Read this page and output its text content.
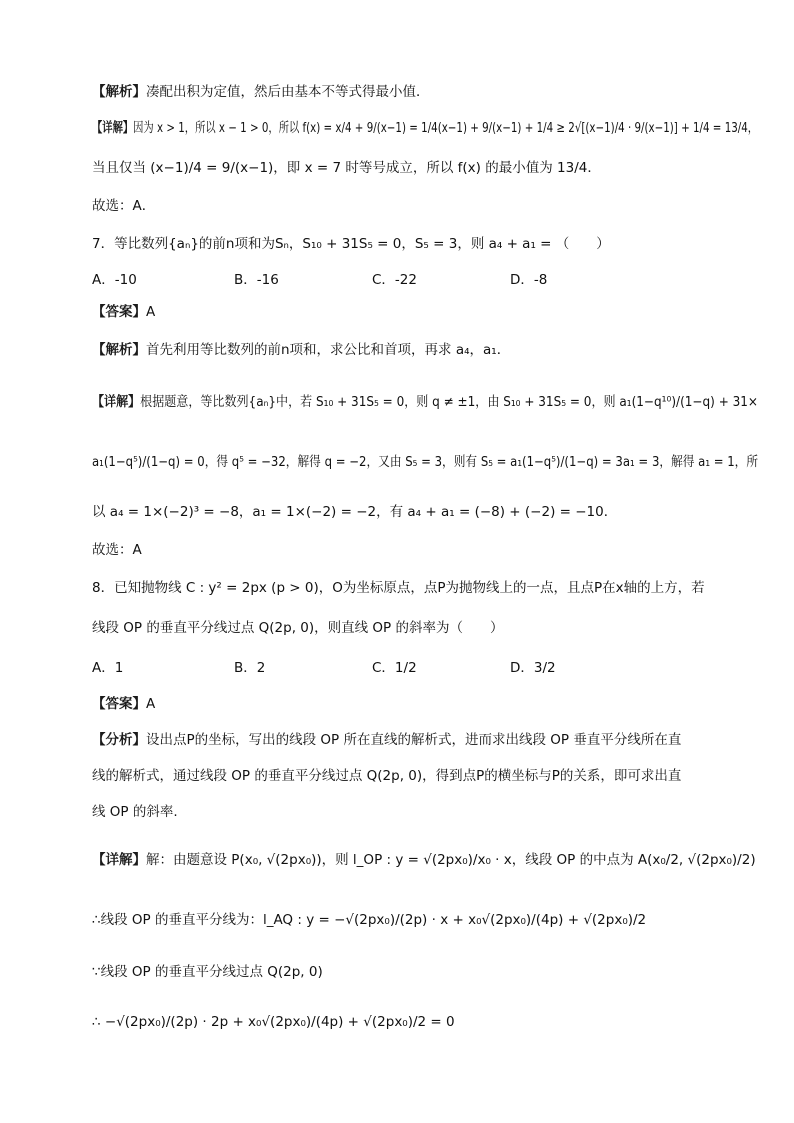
【解析】凑配出积为定值，然后由基本不等式得最小值．
【详解】因为 x > 1，所以 x − 1 > 0，所以 f(x) = x/4 + 9/(x−1) = 1/4(x−1) + 9/(x−1) + 1/4 ≥ 2√[(x−1)/4 · 9/(x−1)] + 1/4 = 13/4，
当且仅当 (x−1)/4 = 9/(x−1)，即 x = 7 时等号成立，所以 f(x) 的最小值为 13/4．
故选：A．
7．等比数列{aₙ}的前n项和为Sₙ，S₁₀ + 31S₅ = 0，S₅ = 3，则 a₄ + a₁ = （　　）
A．-10	B．-16	C．-22	D．-8
【答案】A
【解析】首先利用等比数列的前n项和，求公比和首项，再求 a₄，a₁．
【详解】根据题意，等比数列{aₙ}中，若 S₁₀ + 31S₅ = 0，则 q ≠ ±1，由 S₁₀ + 31S₅ = 0，则 a₁(1−q¹⁰)/(1−q) + 31×
a₁(1−q⁵)/(1−q) = 0，得 q⁵ = −32，解得 q = −2，又由 S₅ = 3，则有 S₅ = a₁(1−q⁵)/(1−q) = 3a₁ = 3，解得 a₁ = 1，所
以 a₄ = 1×(−2)³ = −8，a₁ = 1×(−2) = −2，有 a₄ + a₁ = (−8) + (−2) = −10．
故选：A
8．已知抛物线 C : y² = 2px (p > 0)，O为坐标原点，点P为抛物线上的一点，且点P在x轴的上方，若
线段 OP 的垂直平分线过点 Q(2p, 0)，则直线 OP 的斜率为（　　）
A．1	B．2	C．1/2	D．3/2
【答案】A
【分析】设出点P的坐标，写出的线段 OP 所在直线的解析式，进而求出线段 OP 垂直平分线所在直
线的解析式，通过线段 OP 的垂直平分线过点 Q(2p, 0)，得到点P的横坐标与P的关系，即可求出直
线 OP 的斜率.
【详解】解：由题意设 P(x₀, √(2px₀))，则 l_OP : y = √(2px₀)/x₀ · x，线段 OP 的中点为 A(x₀/2, √(2px₀)/2)
∴线段 OP 的垂直平分线为：l_AQ : y = −√(2px₀)/(2p) · x + x₀√(2px₀)/(4p) + √(2px₀)/2
∵线段 OP 的垂直平分线过点 Q(2p, 0)
∴ −√(2px₀)/(2p) · 2p + x₀√(2px₀)/(4p) + √(2px₀)/2 = 0
